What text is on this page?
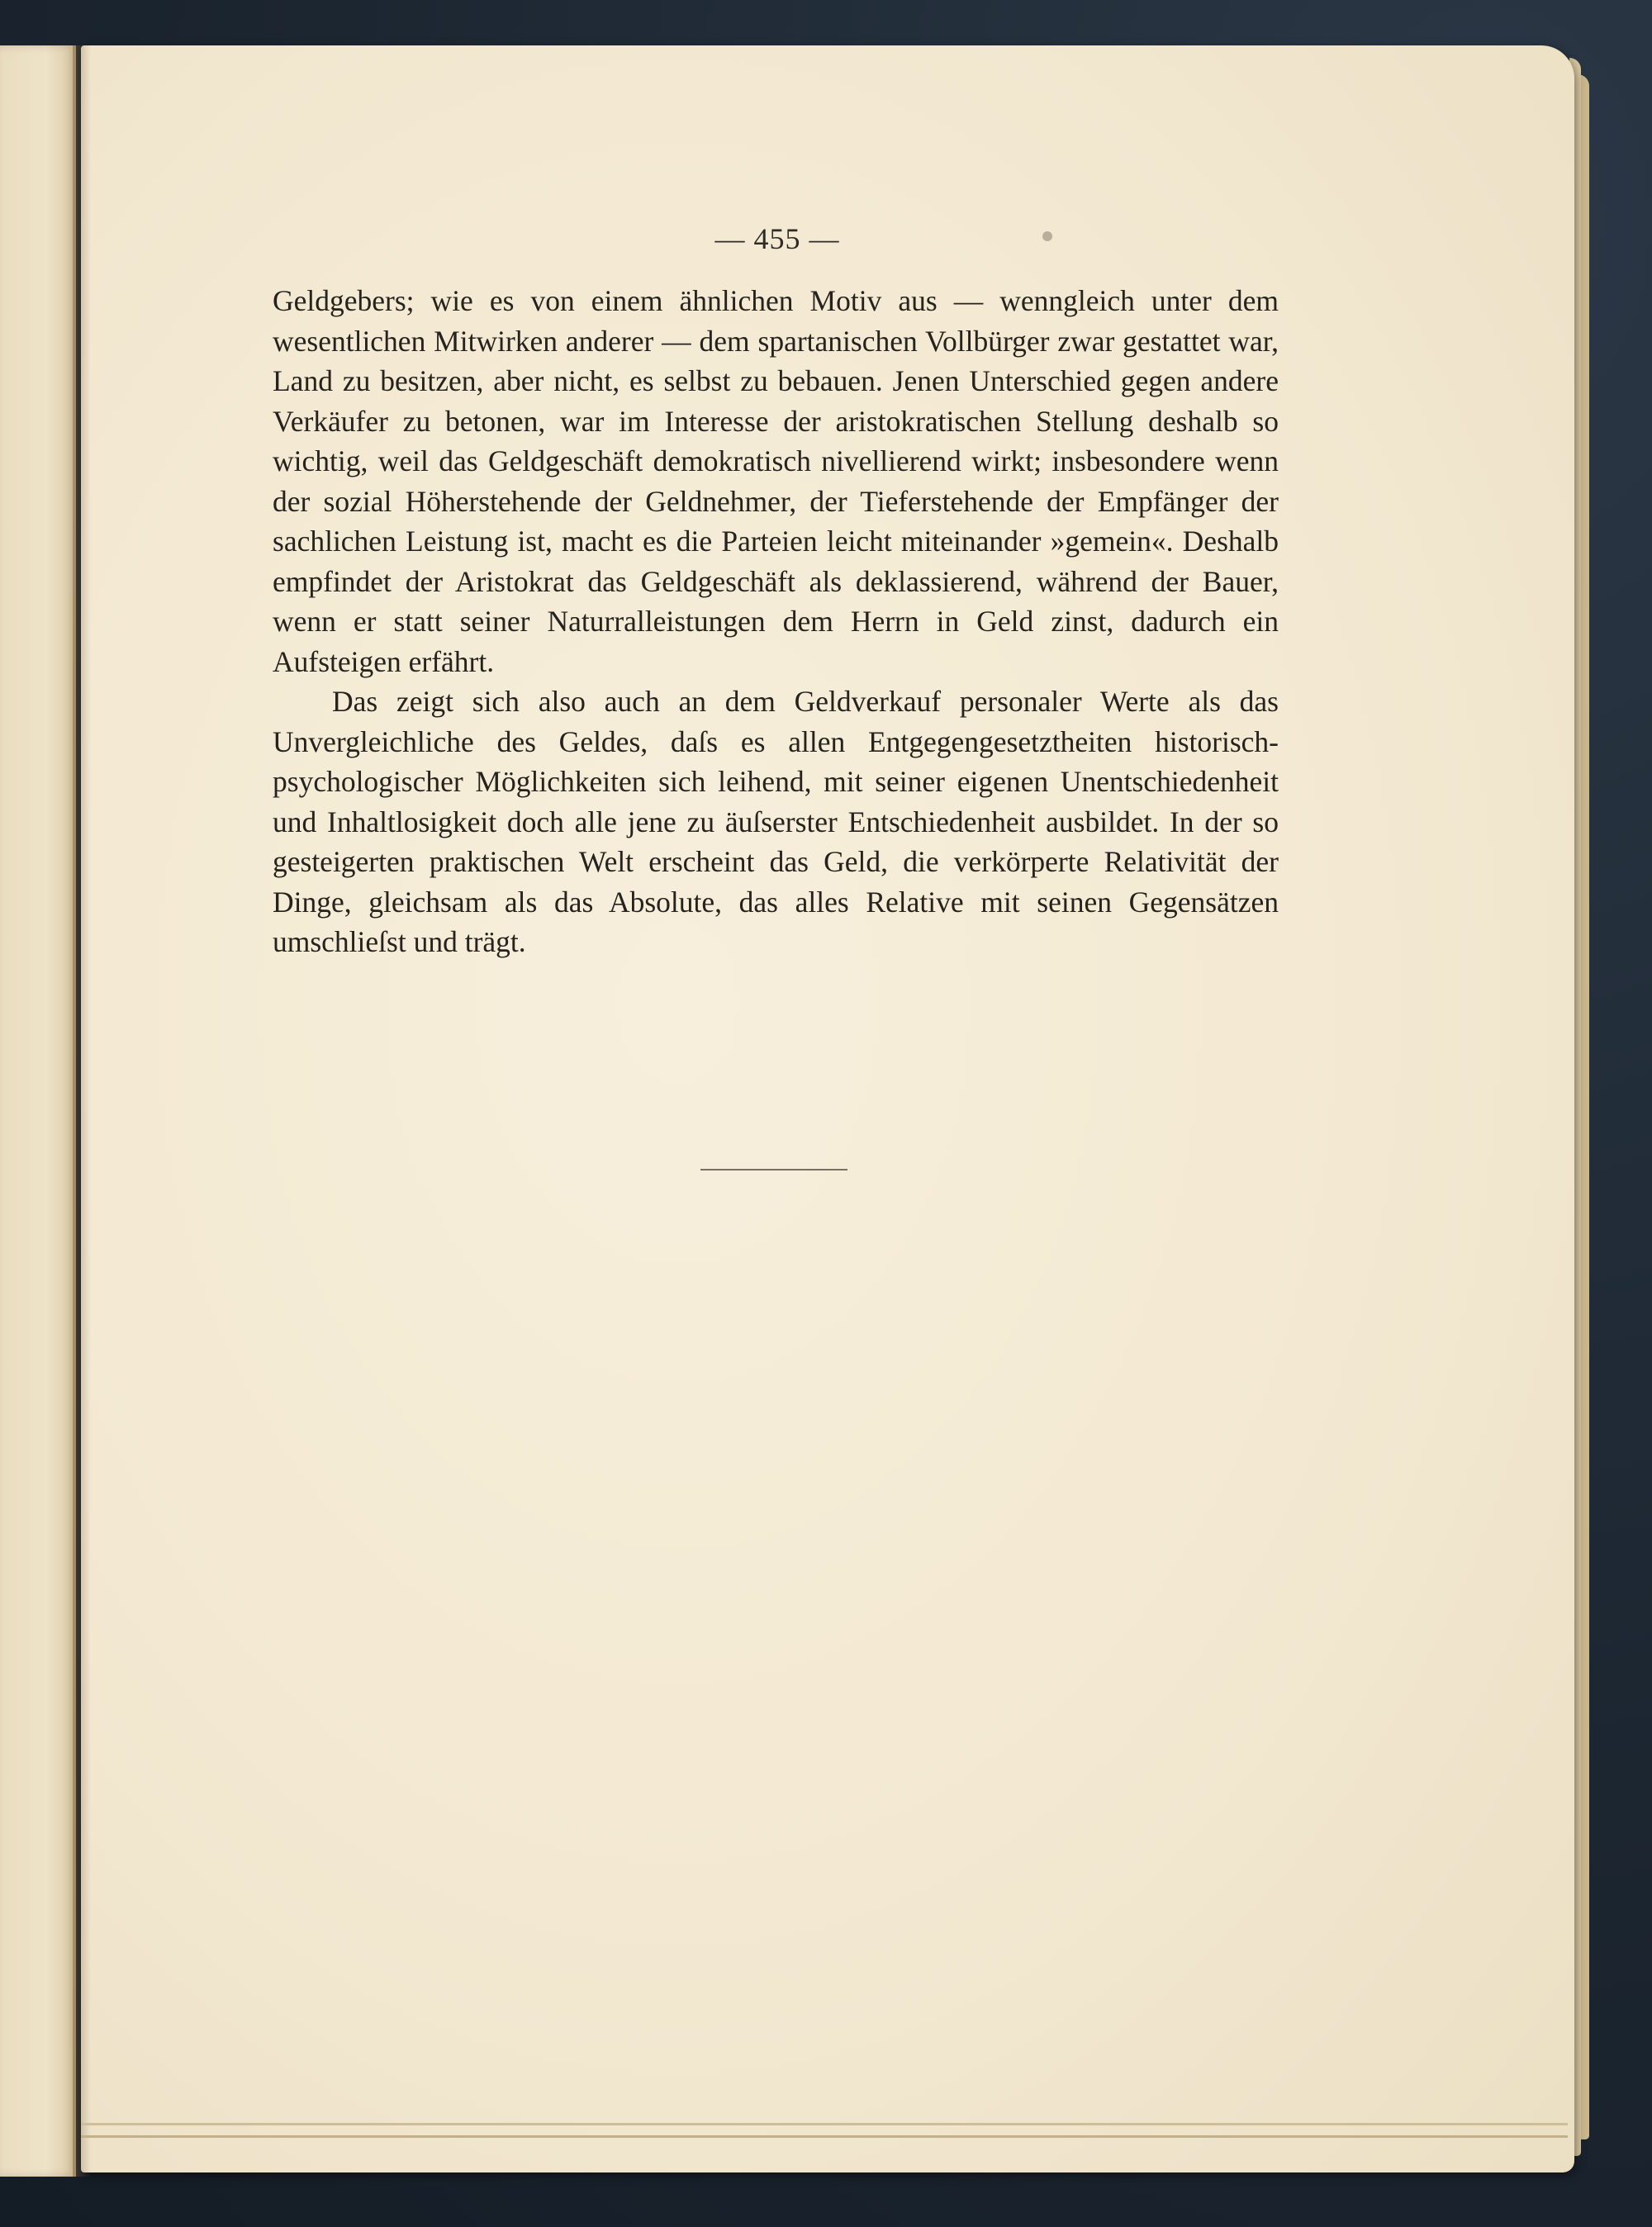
— 455 —

Geldgebers; wie es von einem ähnlichen Motiv aus — wenngleich unter dem wesentlichen Mitwirken anderer — dem spartanischen Vollbürger zwar gestattet war, Land zu besitzen, aber nicht, es selbst zu bebauen. Jenen Unterschied gegen andere Verkäufer zu betonen, war im Interesse der aristokratischen Stellung deshalb so wichtig, weil das Geldgeschäft demokratisch nivellierend wirkt; insbesondere wenn der sozial Höherstehende der Geldnehmer, der Tieferstehende der Empfänger der sachlichen Leistung ist, macht es die Parteien leicht miteinander »gemein«. Deshalb empfindet der Aristokrat das Geldgeschäft als deklassierend, während der Bauer, wenn er statt seiner Naturralleistungen dem Herrn in Geld zinst, dadurch ein Aufsteigen erfährt.

Das zeigt sich also auch an dem Geldverkauf personaler Werte als das Unvergleichliche des Geldes, daſs es allen Entgegengesetztheiten historisch-psychologischer Möglichkeiten sich leihend, mit seiner eigenen Unentschiedenheit und Inhaltlosigkeit doch alle jene zu äuſserster Entschiedenheit ausbildet. In der so gesteigerten praktischen Welt erscheint das Geld, die verkörperte Relativität der Dinge, gleichsam als das Absolute, das alles Relative mit seinen Gegensätzen umschlieſst und trägt.
